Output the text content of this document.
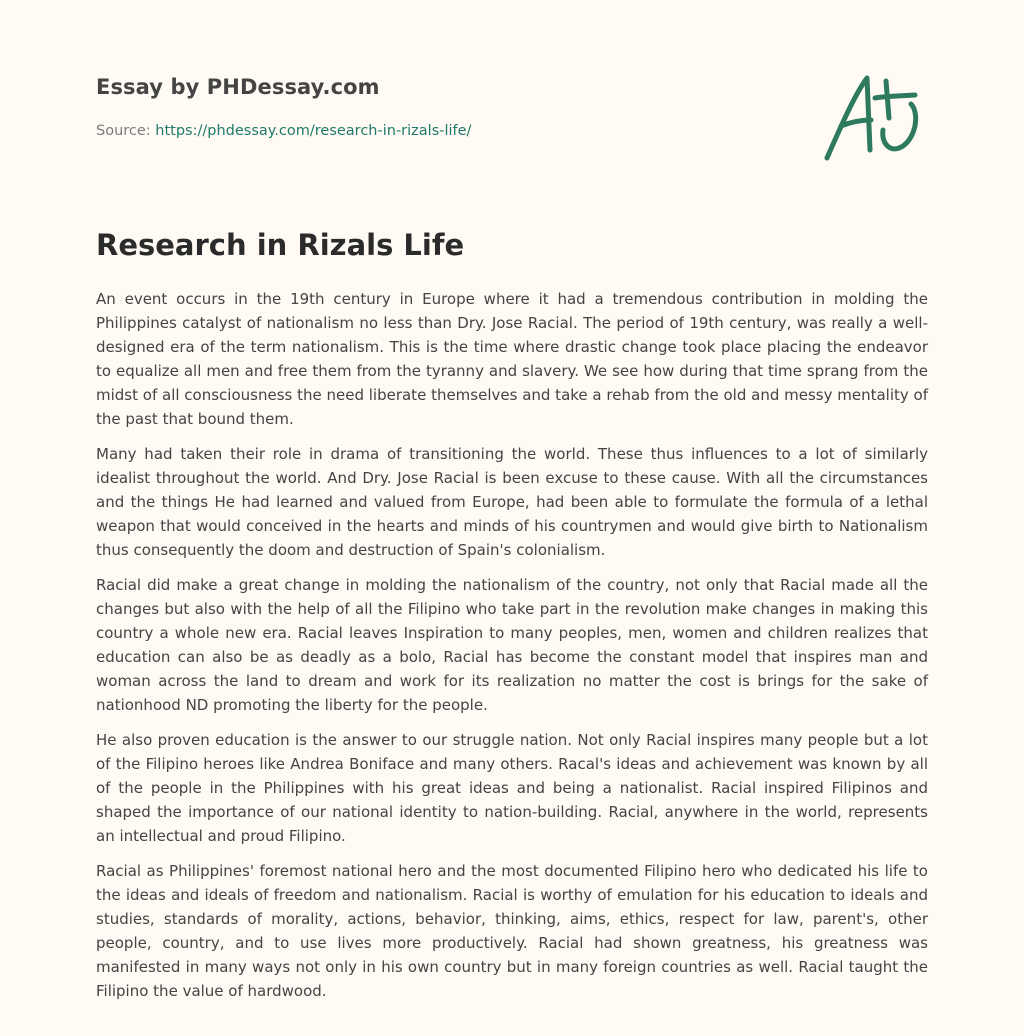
Essay by PHDessay.com
Source: https://phdessay.com/research-in-rizals-life/
Research in Rizals Life

An event occurs in the 19th century in Europe where it had a tremendous contribution in molding the Philippines catalyst of nationalism no less than Dry. Jose Racial. The period of 19th century, was really a well-designed era of the term nationalism. This is the time where drastic change took place placing the endeavor to equalize all men and free them from the tyranny and slavery. We see how during that time sprang from the midst of all consciousness the need liberate themselves and take a rehab from the old and messy mentality of the past that bound them.

Many had taken their role in drama of transitioning the world. These thus influences to a lot of similarly idealist throughout the world. And Dry. Jose Racial is been excuse to these cause. With all the circumstances and the things He had learned and valued from Europe, had been able to formulate the formula of a lethal weapon that would conceived in the hearts and minds of his countrymen and would give birth to Nationalism thus consequently the doom and destruction of Spain's colonialism.

Racial did make a great change in molding the nationalism of the country, not only that Racial made all the changes but also with the help of all the Filipino who take part in the revolution make changes in making this country a whole new era. Racial leaves Inspiration to many peoples, men, women and children realizes that education can also be as deadly as a bolo, Racial has become the constant model that inspires man and woman across the land to dream and work for its realization no matter the cost is brings for the sake of nationhood ND promoting the liberty for the people.

He also proven education is the answer to our struggle nation. Not only Racial inspires many people but a lot of the Filipino heroes like Andrea Boniface and many others. Racal's ideas and achievement was known by all of the people in the Philippines with his great ideas and being a nationalist. Racial inspired Filipinos and shaped the importance of our national identity to nation-building. Racial, anywhere in the world, represents an intellectual and proud Filipino.

Racial as Philippines' foremost national hero and the most documented Filipino hero who dedicated his life to the ideas and ideals of freedom and nationalism. Racial is worthy of emulation for his education to ideals and studies, standards of morality, actions, behavior, thinking, aims, ethics, respect for law, parent's, other people, country, and to use lives more productively. Racial had shown greatness, his greatness was manifested in many ways not only in his own country but in many foreign countries as well. Racial taught the Filipino the value of hardwood.
